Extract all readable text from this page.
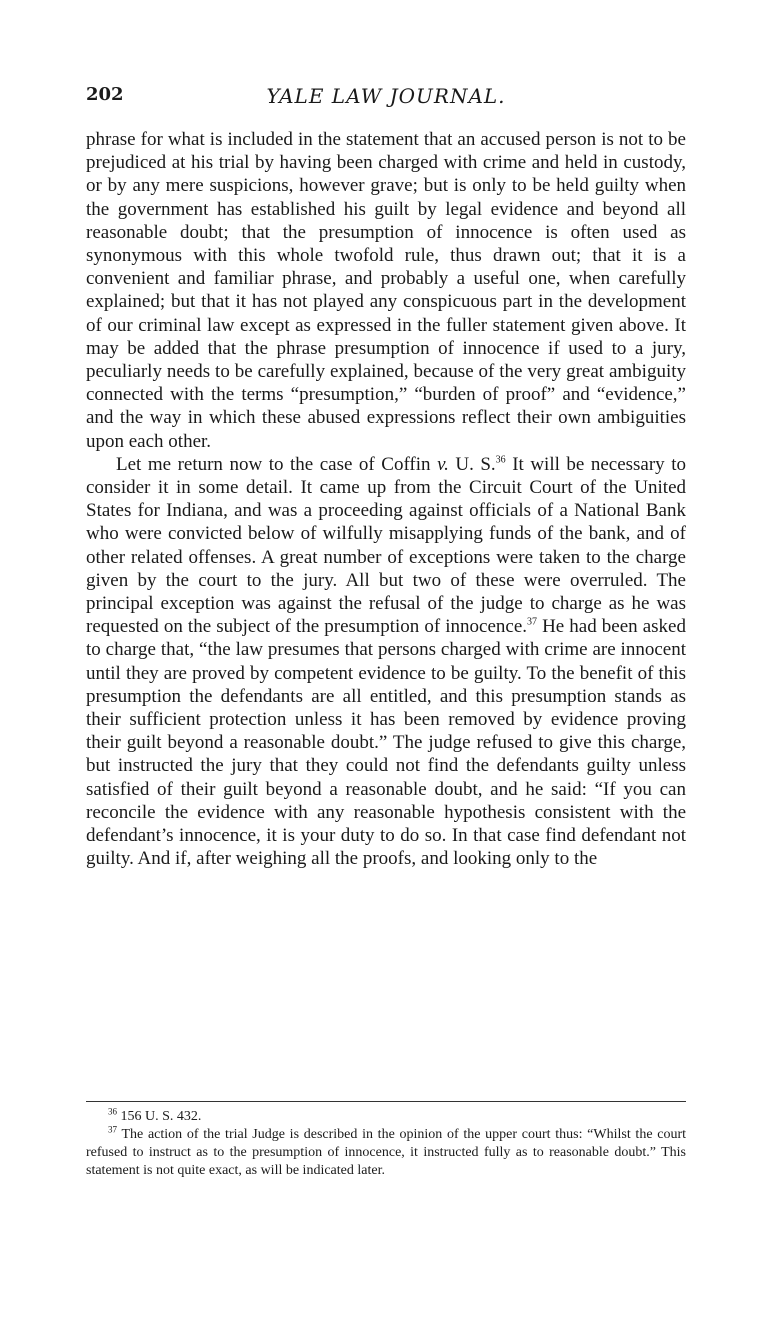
202	YALE LAW JOURNAL.

phrase for what is included in the statement that an accused person is not to be prejudiced at his trial by having been charged with crime and held in custody, or by any mere suspicions, however grave; but is only to be held guilty when the government has established his guilt by legal evidence and beyond all reasonable doubt; that the presumption of innocence is often used as synonymous with this whole twofold rule, thus drawn out; that it is a convenient and familiar phrase, and probably a useful one, when carefully explained; but that it has not played any conspicuous part in the development of our criminal law except as expressed in the fuller statement given above. It may be added that the phrase presumption of innocence if used to a jury, peculiarly needs to be carefully explained, because of the very great ambiguity connected with the terms “presumption,” “burden of proof” and “evidence,” and the way in which these abused expressions reflect their own ambiguities upon each other.

Let me return now to the case of Coffin v. U. S.$^{36}$ It will be necessary to consider it in some detail. It came up from the Circuit Court of the United States for Indiana, and was a proceeding against officials of a National Bank who were convicted below of wilfully misapplying funds of the bank, and of other related offenses. A great number of exceptions were taken to the charge given by the court to the jury. All but two of these were overruled. The principal exception was against the refusal of the judge to charge as he was requested on the subject of the presumption of innocence.$^{37}$ He had been asked to charge that, “the law presumes that persons charged with crime are innocent until they are proved by competent evidence to be guilty. To the benefit of this presumption the defendants are all entitled, and this presumption stands as their sufficient protection unless it has been removed by evidence proving their guilt beyond a reasonable doubt.” The judge refused to give this charge, but instructed the jury that they could not find the defendants guilty unless satisfied of their guilt beyond a reasonable doubt, and he said: “If you can reconcile the evidence with any reasonable hypothesis consistent with the defendant’s innocence, it is your duty to do so. In that case find defendant not guilty. And if, after weighing all the proofs, and looking only to the

$^{36}$ 156 U. S. 432.

$^{37}$ The action of the trial Judge is described in the opinion of the upper court thus: “Whilst the court refused to instruct as to the presumption of innocence, it instructed fully as to reasonable doubt.” This statement is not quite exact, as will be indicated later.
